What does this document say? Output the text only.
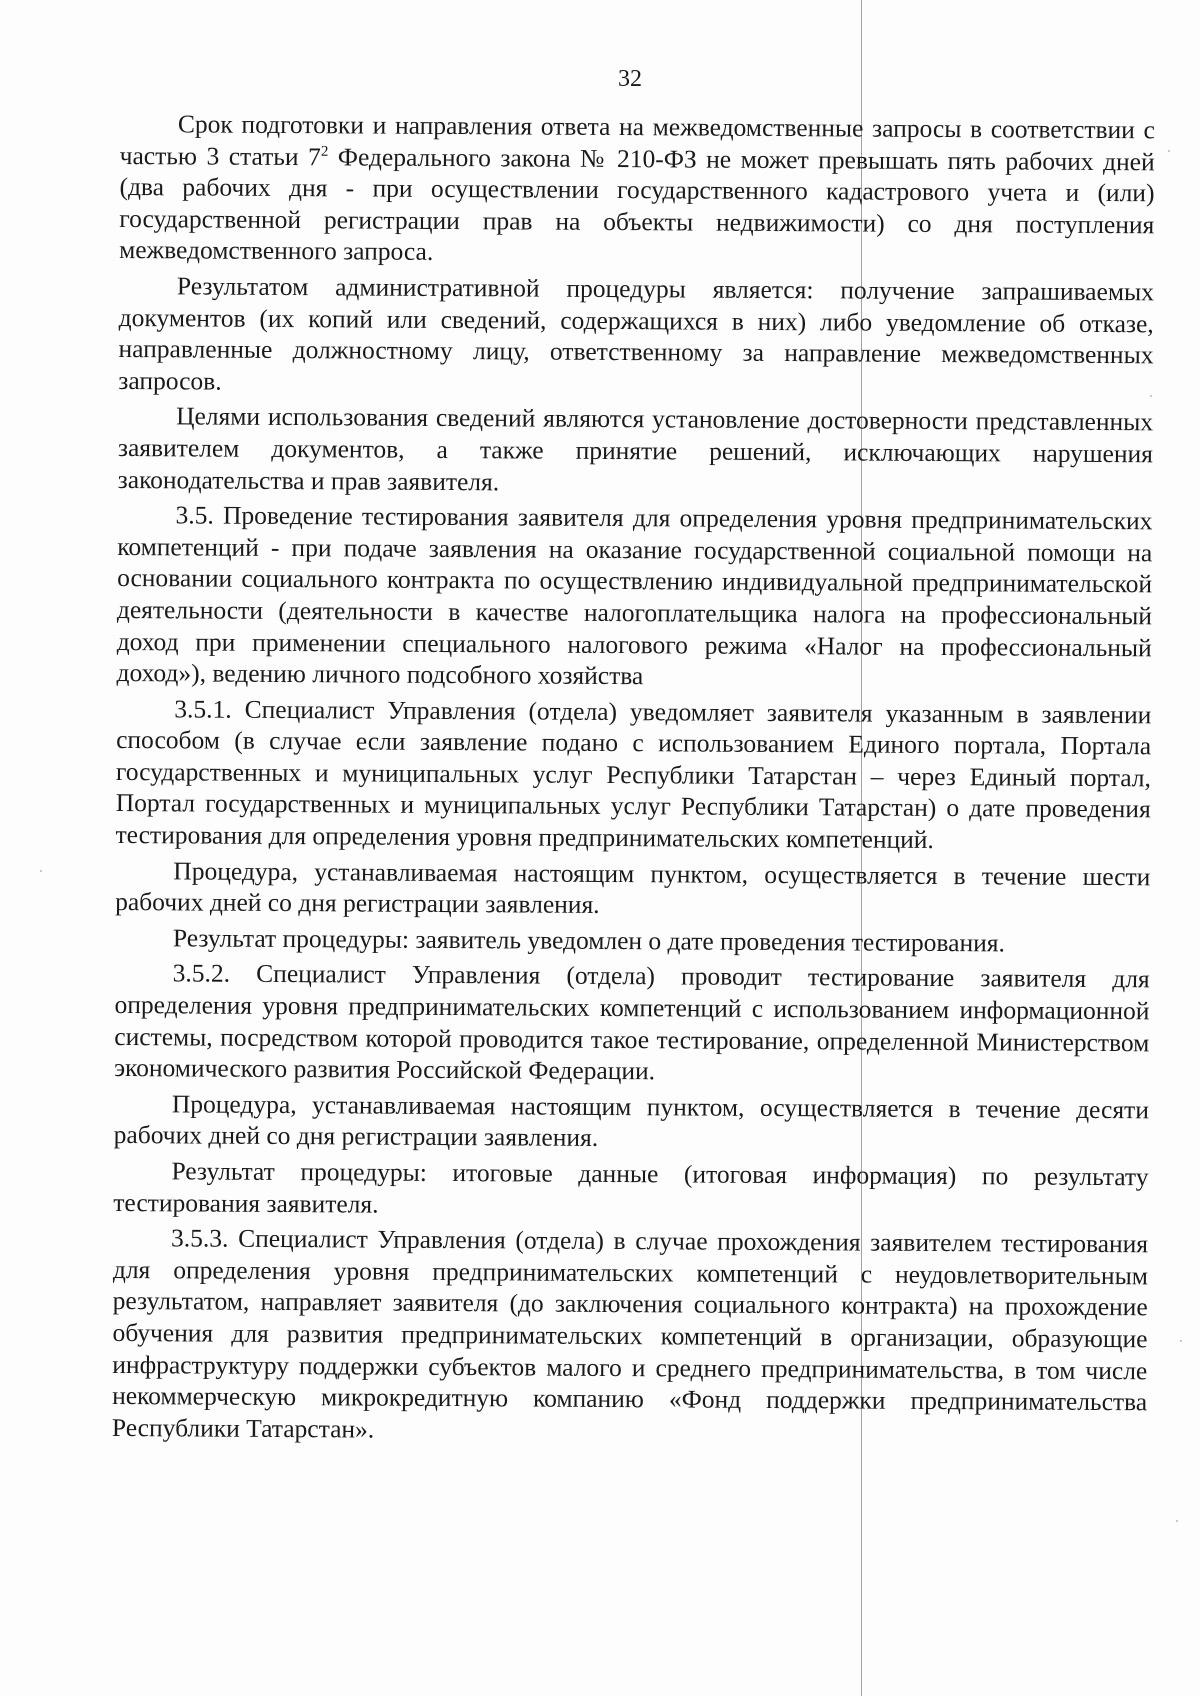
32

Срок подготовки и направления ответа на межведомственные запросы в соответствии с частью 3 статьи $7^2$ Федерального закона № 210-ФЗ не может превышать пять рабочих дней (два рабочих дня - при осуществлении государственного кадастрового учета и (или) государственной регистрации прав на объекты недвижимости) со дня поступления межведомственного запроса.

Результатом административной процедуры является: получение запрашиваемых документов (их копий или сведений, содержащихся в них) либо уведомление об отказе, направленные должностному лицу, ответственному за направление межведомственных запросов.

Целями использования сведений являются установление достоверности представленных заявителем документов, а также принятие решений, исключающих нарушения законодательства и прав заявителя.

3.5. Проведение тестирования заявителя для определения уровня предпринимательских компетенций - при подаче заявления на оказание государственной социальной помощи на основании социального контракта по осуществлению индивидуальной предпринимательской деятельности (деятельности в качестве налогоплательщика налога на профессиональный доход при применении специального налогового режима «Налог на профессиональный доход»), ведению личного подсобного хозяйства

3.5.1. Специалист Управления (отдела) уведомляет заявителя указанным в заявлении способом (в случае если заявление подано с использованием Единого портала, Портала государственных и муниципальных услуг Республики Татарстан – через Единый портал, Портал государственных и муниципальных услуг Республики Татарстан) о дате проведения тестирования для определения уровня предпринимательских компетенций.

Процедура, устанавливаемая настоящим пунктом, осуществляется в течение шести рабочих дней со дня регистрации заявления.

Результат процедуры: заявитель уведомлен о дате проведения тестирования.

3.5.2. Специалист Управления (отдела) проводит тестирование заявителя для определения уровня предпринимательских компетенций с использованием информационной системы, посредством которой проводится такое тестирование, определенной Министерством экономического развития Российской Федерации.

Процедура, устанавливаемая настоящим пунктом, осуществляется в течение десяти рабочих дней со дня регистрации заявления.

Результат процедуры: итоговые данные (итоговая информация) по результату тестирования заявителя.

3.5.3. Специалист Управления (отдела) в случае прохождения заявителем тестирования для определения уровня предпринимательских компетенций с неудовлетворительным результатом, направляет заявителя (до заключения социального контракта) на прохождение обучения для развития предпринимательских компетенций в организации, образующие инфраструктуру поддержки субъектов малого и среднего предпринимательства, в том числе некоммерческую микрокредитную компанию «Фонд поддержки предпринимательства Республики Татарстан».
